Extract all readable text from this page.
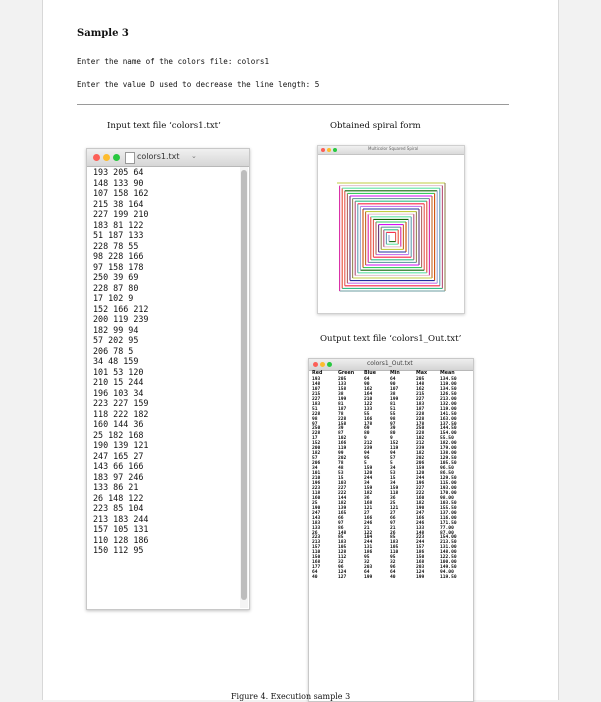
Sample 3
Enter the name of the colors file: colors1
Enter the value D used to decrease the line length: 5
Input text file ‘colors1.txt’	Obtained spiral form
Output text file ‘colors1_Out.txt’
colors1.txt ⌄
193 205 64
148 133 90
107 158 162
215 38 164
227 199 210
183 81 122
51 187 133
228 78 55
98 228 166
97 158 178
250 39 69
228 87 80
17 102 9
152 166 212
200 119 239
182 99 94
57 202 95
206 78 5
34 48 159
101 53 120
210 15 244
196 103 34
223 227 159
118 222 182
160 144 36
25 182 168
190 139 121
247 165 27
143 66 166
183 97 246
133 86 21
26 148 122
223 85 104
213 183 244
157 105 131
110 128 186
150 112 95
Multicolor Squared Spiral
colors1_Out.txt
Red	Green	Blue	Min	Max	Mean
193	205	64	64	205	134.50
148	133	90	90	148	119.00
107	158	162	107	162	134.50
215	38	164	38	215	126.50
227	199	210	199	227	213.00
183	81	122	81	183	132.00
51	187	133	51	187	119.00
228	78	55	55	228	141.50
98	228	166	98	228	163.00
97	158	178	97	178	137.50
250	39	69	39	250	144.50
228	87	80	80	228	154.00
17	102	9	9	102	55.50
152	166	212	152	212	182.00
200	119	239	119	239	179.00
182	99	94	94	182	138.00
57	202	95	57	202	129.50
206	78	5	5	206	105.50
34	48	159	34	159	96.50
101	53	120	53	120	86.50
210	15	244	15	244	129.50
196	103	34	34	196	115.00
223	227	159	159	227	193.00
118	222	182	118	222	170.00
160	144	36	36	160	98.00
25	182	168	25	182	103.50
190	139	121	121	190	155.50
247	165	27	27	247	137.00
143	66	166	66	166	116.00
183	97	246	97	246	171.50
133	86	21	21	133	77.00
26	148	122	26	148	87.00
223	85	104	85	223	154.00
213	183	244	183	244	213.50
157	105	131	105	157	131.00
110	128	186	110	186	148.00
150	112	95	95	150	122.50
168	32	32	32	168	100.00
177	96	203	96	203	149.50
64	124	64	64	124	94.00
40	127	199	40	199	119.50
Figure 4. Execution sample 3
